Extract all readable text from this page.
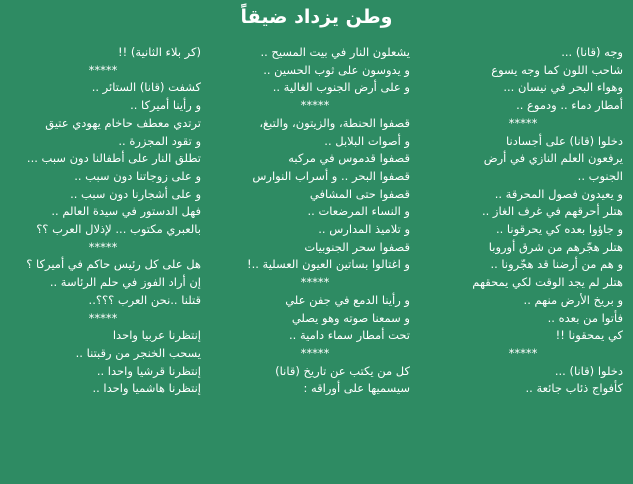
وطن يزداد ضيقاً
وجه (قانا) ...
شاحب اللون كما وجه يسوع
وهواء البحر في نيسان ...
أمطار دماء .. ودموع ..
*****
دخلوا (قانا) على أجسادنا
يرفعون العلم النازي في أرض
الجنوب ..
و يعيدون فصول المحرقة ..
هتلر أحرقهم في غرف الغاز ..
و جاؤوا بعده كي يحرقونا ..
هتلر هجّرهم من شرق أوروبا
و هم من أرضنا قد هجّرونا ..
هتلر لم يجد الوقت لكي يمحقهم
و بريخ الأرض منهم ..
فأتوا من بعده ..
كي يمحقونا !!
*****
دخلوا (قانا) ...
كأفواج ذئاب جائعة ..
يشعلون النار في بيت المسيح ..
و يدوسون على ثوب الحسين ..
و على أرض الجنوب الغالية ..
*****
قصفوا الحنطة، والزيتون، والتبغ،
و أصوات البلابل ..
قصفوا قدموس في مركبه
قصفوا البحر .. و أسراب النوارس
قصفوا حتى المشافي
و النساء المرضعات ..
و تلاميذ المدارس ..
قصفوا سحر الجنوبيات
و اغتالوا بساتين العيون العسلية ..!
*****
و رأينا الدمع في جفن علي
و سمعنا صوته وهو يصلي
تحت أمطار سماء دامية ..
*****
كل من يكتب عن تاريخ (قانا)
سيسميها على أوراقه :
(كر بلاء الثانية) !!
*****
كشفت (قانا) الستائر ..
و رأينا أميركا ..
ترتدي معطف حاخام يهودي عتيق
و تقود المجزرة ..
تطلق النار على أطفالنا دون سبب ...
و على زوجاتنا دون سبب ..
و على أشجارنا دون سبب ..
فهل الدستور في سيدة العالم ..
بالعبري مكتوب ... لإذلال العرب ؟؟
*****
هل على كل رئيس حاكم في أميركا ؟
إن أراد الفوز في حلم الرئاسة ..
قتلنا ..نحن العرب ؟؟؟..
*****
إنتظرنا عربيا واحدا
يسحب الخنجر من رقبتنا ..
إنتظرنا قرشيا واحدا ..
إنتظرنا هاشميا واحدا ..
